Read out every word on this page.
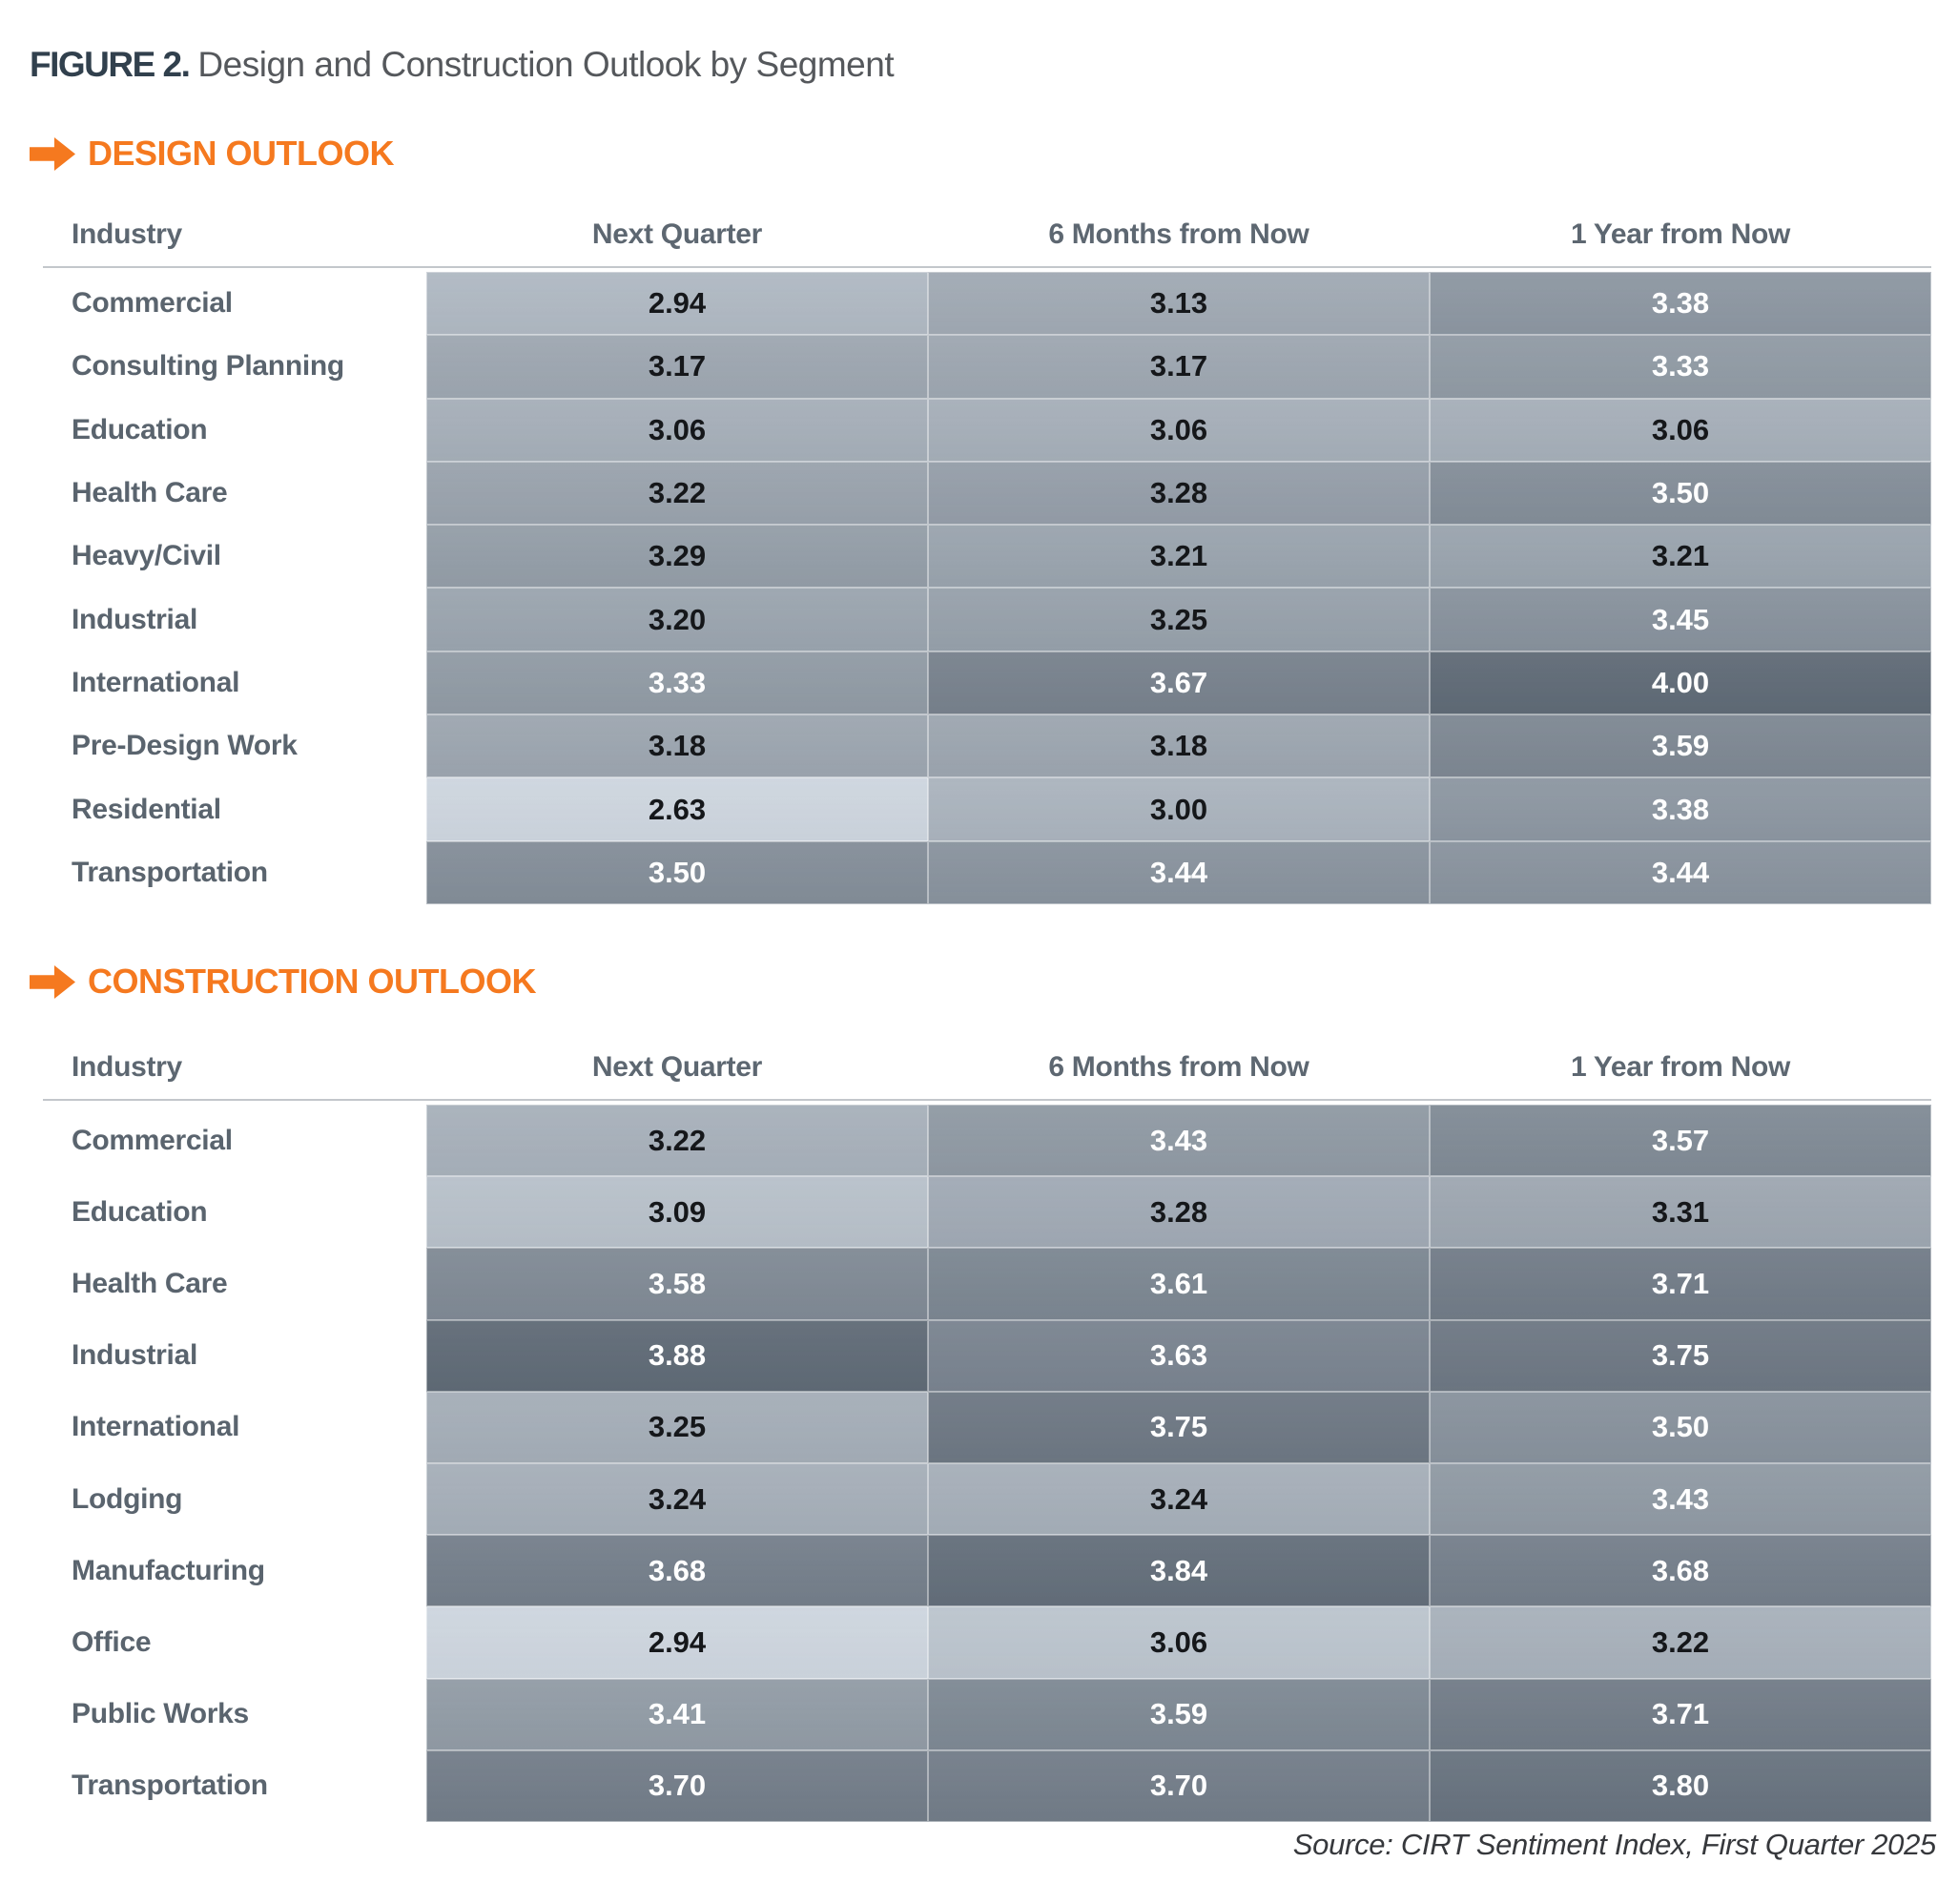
FIGURE 2. Design and Construction Outlook by Segment
DESIGN OUTLOOK
Industry	Next Quarter	6 Months from Now	1 Year from Now
Commercial	2.94	3.13	3.38
Consulting Planning	3.17	3.17	3.33
Education	3.06	3.06	3.06
Health Care	3.22	3.28	3.50
Heavy/Civil	3.29	3.21	3.21
Industrial	3.20	3.25	3.45
International	3.33	3.67	4.00
Pre-Design Work	3.18	3.18	3.59
Residential	2.63	3.00	3.38
Transportation	3.50	3.44	3.44
CONSTRUCTION OUTLOOK
Industry	Next Quarter	6 Months from Now	1 Year from Now
Commercial	3.22	3.43	3.57
Education	3.09	3.28	3.31
Health Care	3.58	3.61	3.71
Industrial	3.88	3.63	3.75
International	3.25	3.75	3.50
Lodging	3.24	3.24	3.43
Manufacturing	3.68	3.84	3.68
Office	2.94	3.06	3.22
Public Works	3.41	3.59	3.71
Transportation	3.70	3.70	3.80
Source: CIRT Sentiment Index, First Quarter 2025
